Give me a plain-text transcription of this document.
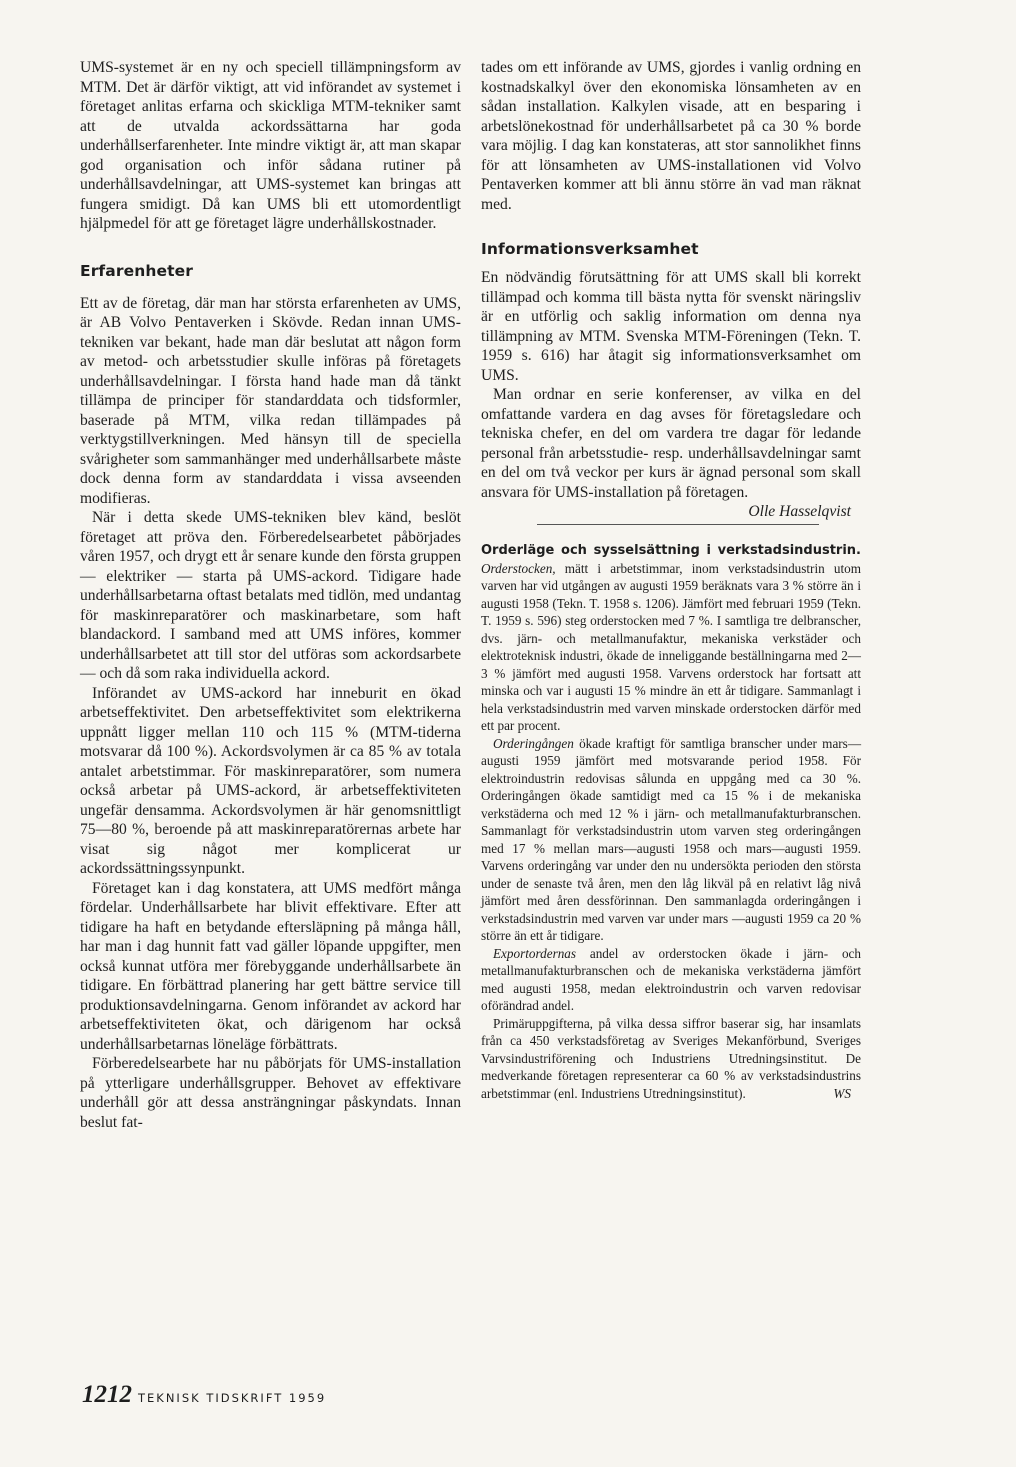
UMS-systemet är en ny och speciell tillämpningsform av MTM. Det är därför viktigt, att vid införandet av systemet i företaget anlitas erfarna och skickliga MTM-tekniker samt att de utvalda ackordssättarna har goda underhållserfarenheter. Inte mindre viktigt är, att man skapar god organisation och inför sådana rutiner på underhållsavdelningar, att UMS-systemet kan bringas att fungera smidigt. Då kan UMS bli ett utomordentligt hjälpmedel för att ge företaget lägre underhållskostnader.

Erfarenheter

Ett av de företag, där man har största erfarenheten av UMS, är AB Volvo Pentaverken i Skövde. Redan innan UMS-tekniken var bekant, hade man där beslutat att någon form av metod- och arbetsstudier skulle införas på företagets underhållsavdelningar. I första hand hade man då tänkt tillämpa de principer för standarddata och tidsformler, baserade på MTM, vilka redan tillämpades på verktygstillverkningen. Med hänsyn till de speciella svårigheter som sammanhänger med underhållsarbete måste dock denna form av standarddata i vissa avseenden modifieras.

När i detta skede UMS-tekniken blev känd, beslöt företaget att pröva den. Förberedelsearbetet påbörjades våren 1957, och drygt ett år senare kunde den första gruppen — elektriker — starta på UMS-ackord. Tidigare hade underhållsarbetarna oftast betalats med tidlön, med undantag för maskinreparatörer och maskinarbetare, som haft blandackord. I samband med att UMS införes, kommer underhållsarbetet att till stor del utföras som ackordsarbete — och då som raka individuella ackord.

Införandet av UMS-ackord har inneburit en ökad arbetseffektivitet. Den arbetseffektivitet som elektrikerna uppnått ligger mellan 110 och 115 % (MTM-tiderna motsvarar då 100 %). Ackordsvolymen är ca 85 % av totala antalet arbetstimmar. För maskinreparatörer, som numera också arbetar på UMS-ackord, är arbetseffektiviteten ungefär densamma. Ackordsvolymen är här genomsnittligt 75—80 %, beroende på att maskinreparatörernas arbete har visat sig något mer komplicerat ur ackordssättningssynpunkt.

Företaget kan i dag konstatera, att UMS medfört många fördelar. Underhållsarbete har blivit effektivare. Efter att tidigare ha haft en betydande eftersläpning på många håll, har man i dag hunnit fatt vad gäller löpande uppgifter, men också kunnat utföra mer förebyggande underhållsarbete än tidigare. En förbättrad planering har gett bättre service till produktionsavdelningarna. Genom införandet av ackord har arbetseffektiviteten ökat, och därigenom har också underhållsarbetarnas löneläge förbättrats.

Förberedelsearbete har nu påbörjats för UMS-installation på ytterligare underhållsgrupper. Behovet av effektivare underhåll gör att dessa ansträngningar påskyndats. Innan beslut fat-

tades om ett införande av UMS, gjordes i vanlig ordning en kostnadskalkyl över den ekonomiska lönsamheten av en sådan installation. Kalkylen visade, att en besparing i arbetslönekostnad för underhållsarbetet på ca 30 % borde vara möjlig. I dag kan konstateras, att stor sannolikhet finns för att lönsamheten av UMS-installationen vid Volvo Pentaverken kommer att bli ännu större än vad man räknat med.

Informationsverksamhet

En nödvändig förutsättning för att UMS skall bli korrekt tillämpad och komma till bästa nytta för svenskt näringsliv är en utförlig och saklig information om denna nya tillämpning av MTM. Svenska MTM-Föreningen (Tekn. T. 1959 s. 616) har åtagit sig informationsverksamhet om UMS.

Man ordnar en serie konferenser, av vilka en del omfattande vardera en dag avses för företagsledare och tekniska chefer, en del om vardera tre dagar för ledande personal från arbetsstudie- resp. underhållsavdelningar samt en del om två veckor per kurs är ägnad personal som skall ansvara för UMS-installation på företagen.
Olle Hasselqvist

Orderläge och sysselsättning i verkstadsindustrin. Orderstocken, mätt i arbetstimmar, inom verkstadsindustrin utom varven har vid utgången av augusti 1959 beräknats vara 3 % större än i augusti 1958 (Tekn. T. 1958 s. 1206). Jämfört med februari 1959 (Tekn. T. 1959 s. 596) steg orderstocken med 7 %. I samtliga tre delbranscher, dvs. järn- och metallmanufaktur, mekaniska verkstäder och elektroteknisk industri, ökade de inneliggande beställningarna med 2—3 % jämfört med augusti 1958. Varvens orderstock har fortsatt att minska och var i augusti 15 % mindre än ett år tidigare. Sammanlagt i hela verkstadsindustrin med varven minskade orderstocken därför med ett par procent.

Orderingången ökade kraftigt för samtliga branscher under mars—augusti 1959 jämfört med motsvarande period 1958. För elektroindustrin redovisas sålunda en uppgång med ca 30 %. Orderingången ökade samtidigt med ca 15 % i de mekaniska verkstäderna och med 12 % i järn- och metallmanufakturbranschen. Sammanlagt för verkstadsindustrin utom varven steg orderingången med 17 % mellan mars—augusti 1958 och mars—augusti 1959. Varvens orderingång var under den nu undersökta perioden den största under de senaste två åren, men den låg likväl på en relativt låg nivå jämfört med åren dessförinnan. Den sammanlagda orderingången i verkstadsindustrin med varven var under mars —augusti 1959 ca 20 % större än ett år tidigare.

Exportordernas andel av orderstocken ökade i järn- och metallmanufakturbranschen och de mekaniska verkstäderna jämfört med augusti 1958, medan elektroindustrin och varven redovisar oförändrad andel.

Primäruppgifterna, på vilka dessa siffror baserar sig, har insamlats från ca 450 verkstadsföretag av Sveriges Mekanförbund, Sveriges Varvsindustriförening och Industriens Utredningsinstitut. De medverkande företagen representerar ca 60 % av verkstadsindustrins arbetstimmar (enl. Industriens Utredningsinstitut).	WS

1212 TEKNISK TIDSKRIFT 1959
